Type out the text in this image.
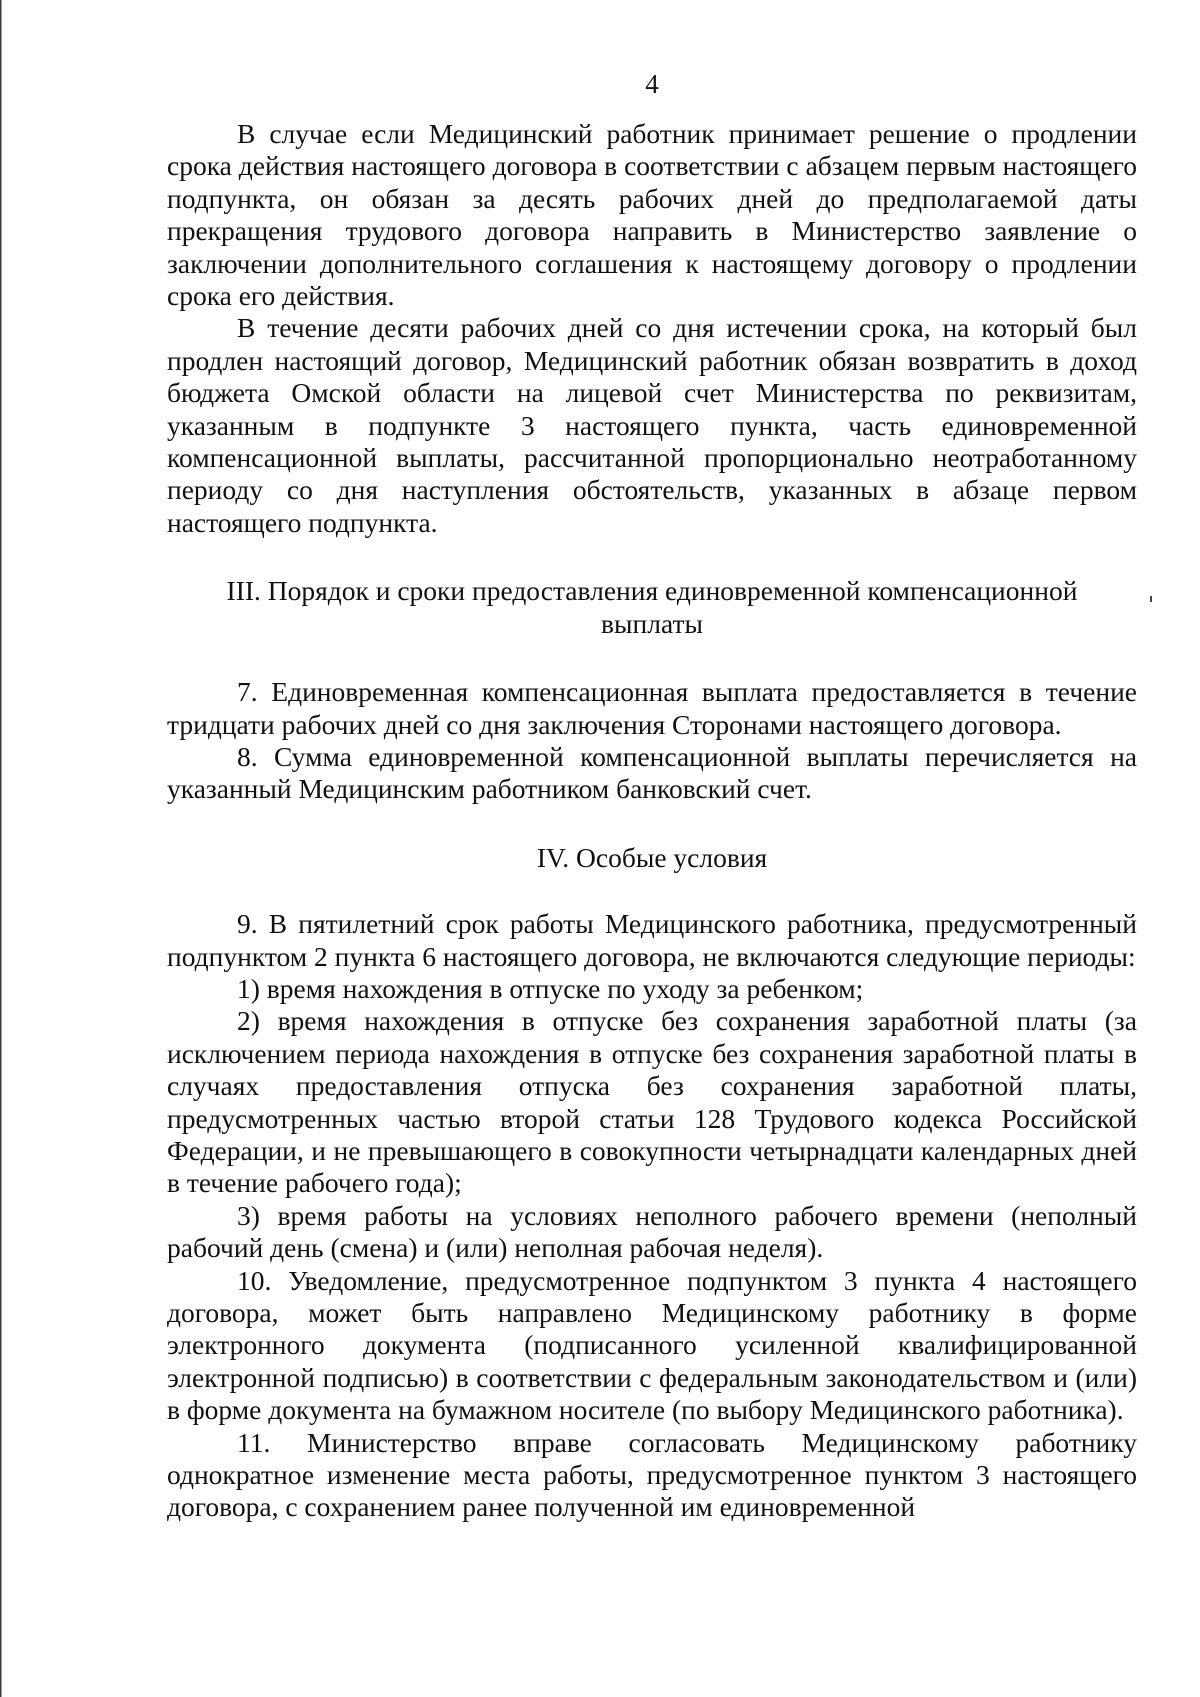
4

В случае если Медицинский работник принимает решение о продлении срока действия настоящего договора в соответствии с абзацем первым настоящего подпункта, он обязан за десять рабочих дней до предполагаемой даты прекращения трудового договора направить в Министерство заявление о заключении дополнительного соглашения к настоящему договору о продлении срока его действия.

В течение десяти рабочих дней со дня истечении срока, на который был продлен настоящий договор, Медицинский работник обязан возвратить в доход бюджета Омской области на лицевой счет Министерства по реквизитам, указанным в подпункте 3 настоящего пункта, часть единовременной компенсационной выплаты, рассчитанной пропорционально неотработанному периоду со дня наступления обстоятельств, указанных в абзаце первом настоящего подпункта.

III. Порядок и сроки предоставления единовременной компенсационной

выплаты

7. Единовременная компенсационная выплата предоставляется в течение тридцати рабочих дней со дня заключения Сторонами настоящего договора.

8. Сумма единовременной компенсационной выплаты перечисляется на указанный Медицинским работником банковский счет.

IV. Особые условия

9. В пятилетний срок работы Медицинского работника, предусмотренный подпунктом 2 пункта 6 настоящего договора, не включаются следующие периоды:

1) время нахождения в отпуске по уходу за ребенком;

2) время нахождения в отпуске без сохранения заработной платы (за исключением периода нахождения в отпуске без сохранения заработной платы в случаях предоставления отпуска без сохранения заработной платы, предусмотренных частью второй статьи 128 Трудового кодекса Российской Федерации, и не превышающего в совокупности четырнадцати календарных дней в течение рабочего года);

3) время работы на условиях неполного рабочего времени (неполный рабочий день (смена) и (или) неполная рабочая неделя).

10. Уведомление, предусмотренное подпунктом 3 пункта 4 настоящего договора, может быть направлено Медицинскому работнику в форме электронного документа (подписанного усиленной квалифицированной электронной подписью) в соответствии с федеральным законодательством и (или) в форме документа на бумажном носителе (по выбору Медицинского работника).

11. Министерство вправе согласовать Медицинскому работнику однократное изменение места работы, предусмотренное пунктом 3 настоящего договора, с сохранением ранее полученной им единовременной
